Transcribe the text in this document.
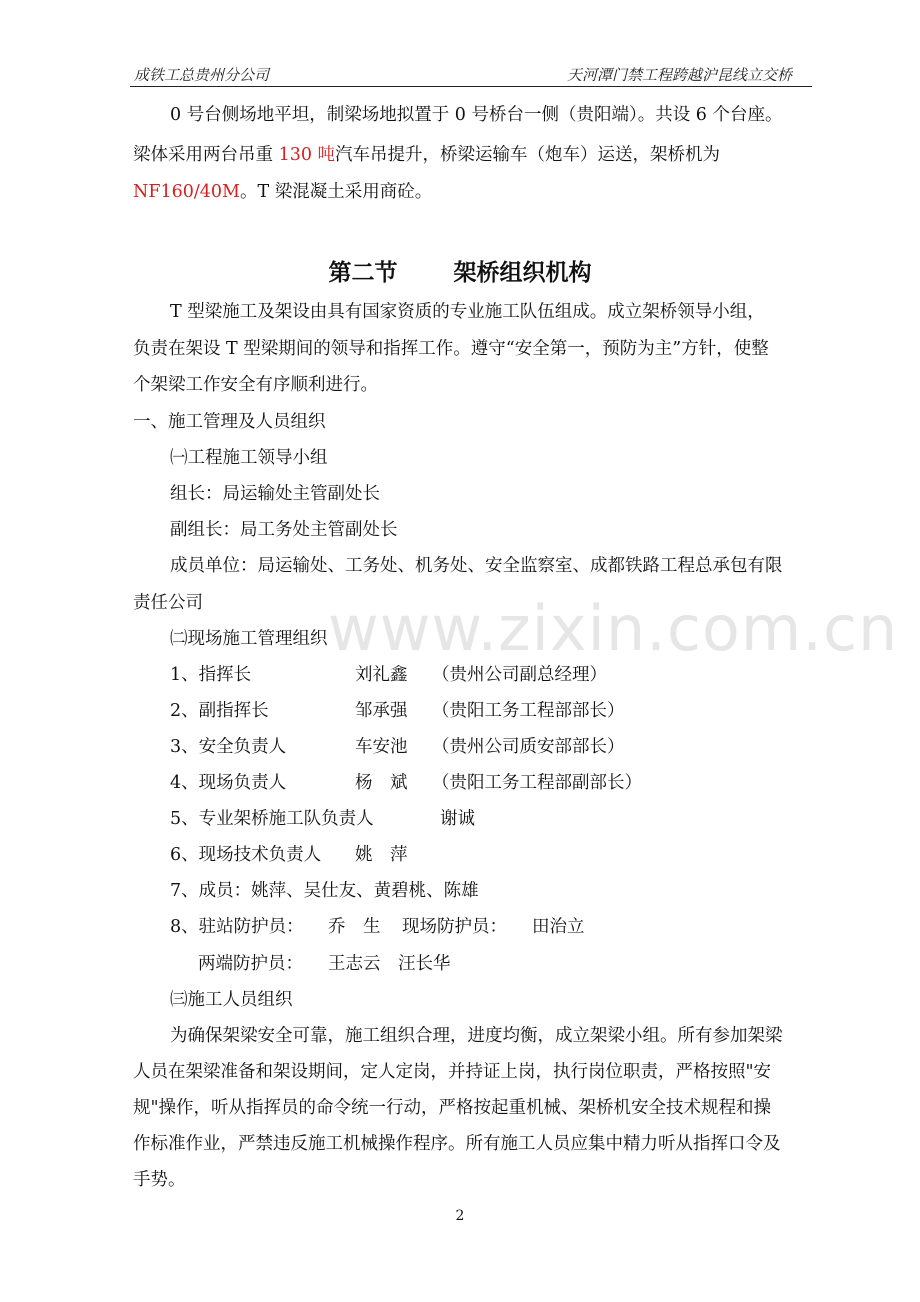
成铁工总贵州分公司	天河潭门禁工程跨越沪昆线立交桥
0 号台侧场地平坦，制梁场地拟置于 0 号桥台一侧（贵阳端）。共设 6 个台座。
梁体采用两台吊重 130 吨汽车吊提升，桥梁运输车（炮车）运送，架桥机为
NF160/40M。T 梁混凝土采用商砼。
第二节 架桥组织机构
T 型梁施工及架设由具有国家资质的专业施工队伍组成。成立架桥领导小组，
负责在架设 T 型梁期间的领导和指挥工作。遵守“安全第一，预防为主”方针，使整
个架梁工作安全有序顺利进行。
一、施工管理及人员组织
㈠工程施工领导小组
组长：局运输处主管副处长
副组长：局工务处主管副处长
成员单位：局运输处、工务处、机务处、安全监察室、成都铁路工程总承包有限
责任公司 www.zixin.com.cn
㈡现场施工管理组织
1、指挥长	刘礼鑫 （贵州公司副总经理）
2、副指挥长	邹承强 （贵阳工务工程部部长）
3、安全负责人	车安池 （贵州公司质安部部长）
4、现场负责人	杨　斌 （贵阳工务工程部副部长）
5、专业架桥施工队负责人	谢诚
6、现场技术负责人 姚　萍
7、成员：姚萍、吴仕友、黄碧桃、陈雄
8、驻站防护员： 乔　生 现场防护员： 田治立
两端防护员： 王志云　汪长华
㈢施工人员组织
为确保架梁安全可靠，施工组织合理，进度均衡，成立架梁小组。所有参加架梁
人员在架梁准备和架设期间，定人定岗，并持证上岗，执行岗位职责，严格按照"安
规"操作，听从指挥员的命令统一行动，严格按起重机械、架桥机安全技术规程和操
作标准作业，严禁违反施工机械操作程序。所有施工人员应集中精力听从指挥口令及
手势。
2
